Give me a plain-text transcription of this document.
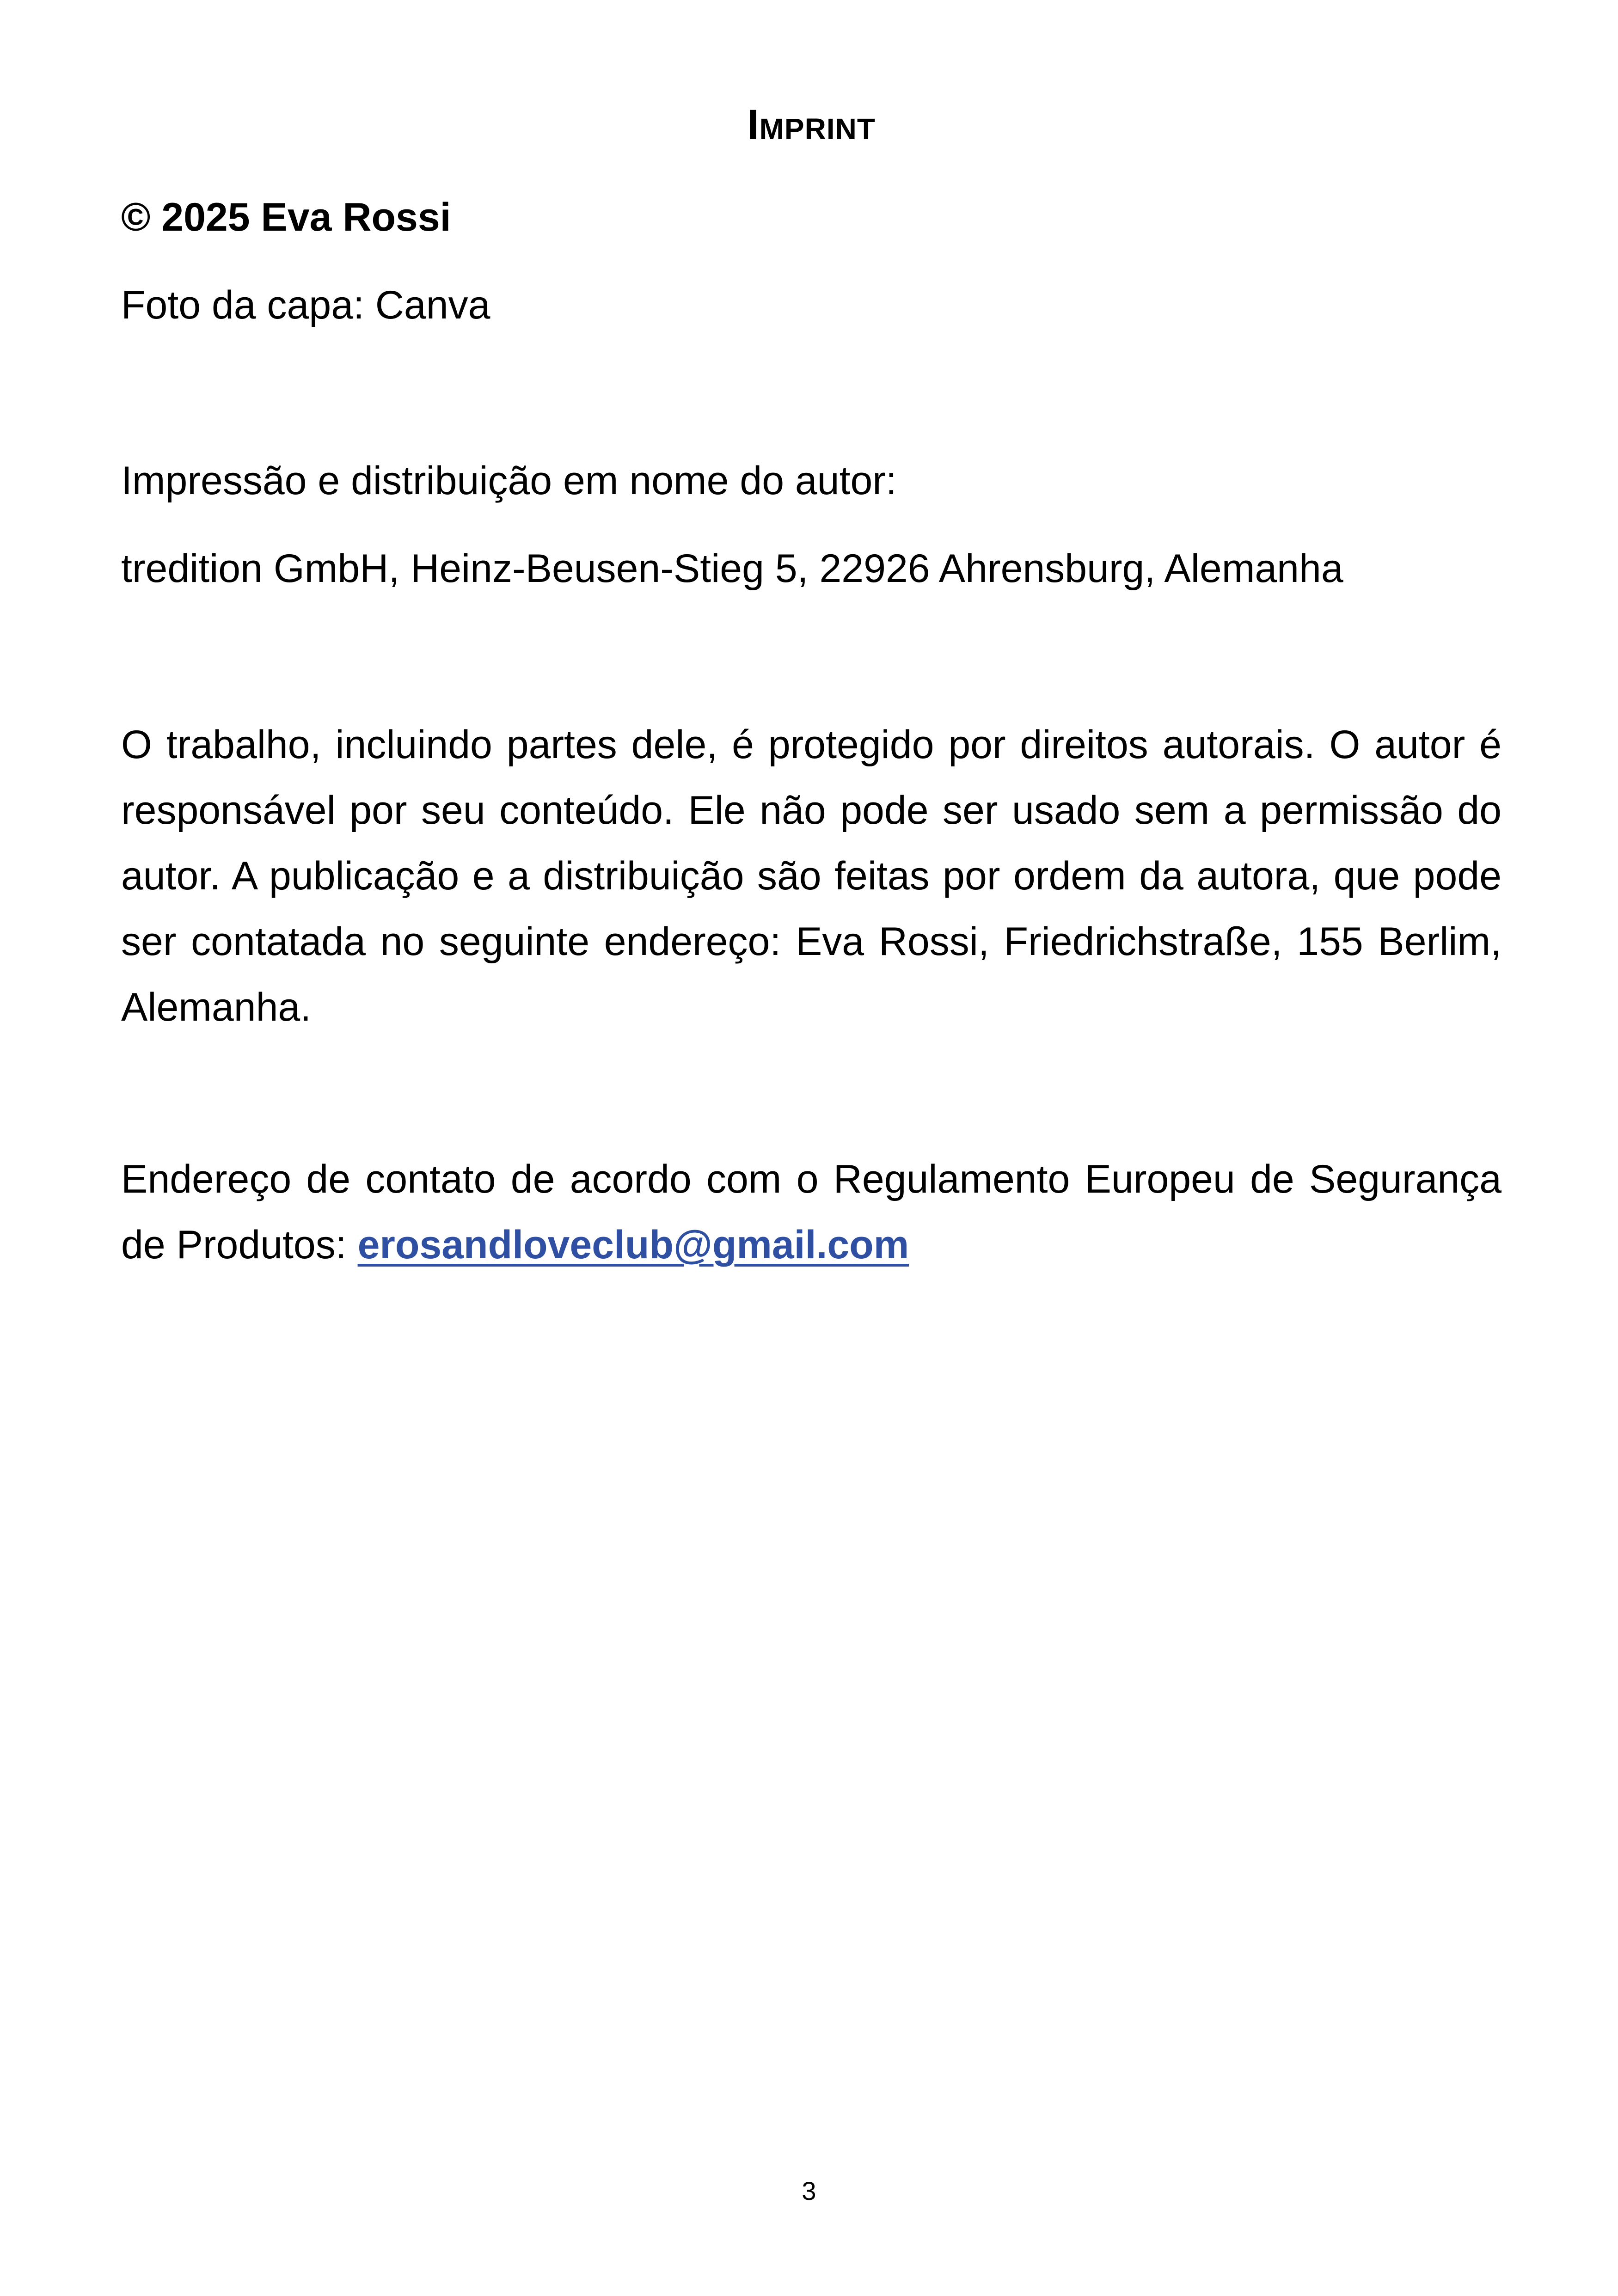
Imprint
© 2025 Eva Rossi
Foto da capa: Canva
Impressão e distribuição em nome do autor:
tredition GmbH, Heinz-Beusen-Stieg 5, 22926 Ahrensburg, Alemanha
O trabalho, incluindo partes dele, é protegido por direitos autorais. O autor é responsável por seu conteúdo. Ele não pode ser usado sem a permissão do autor. A publicação e a distribuição são feitas por ordem da autora, que pode ser contatada no seguinte endereço: Eva Rossi, Friedrichstraße, 155 Berlim, Alemanha.
Endereço de contato de acordo com o Regulamento Europeu de Segurança de Produtos: erosandloveclub@gmail.com
3
